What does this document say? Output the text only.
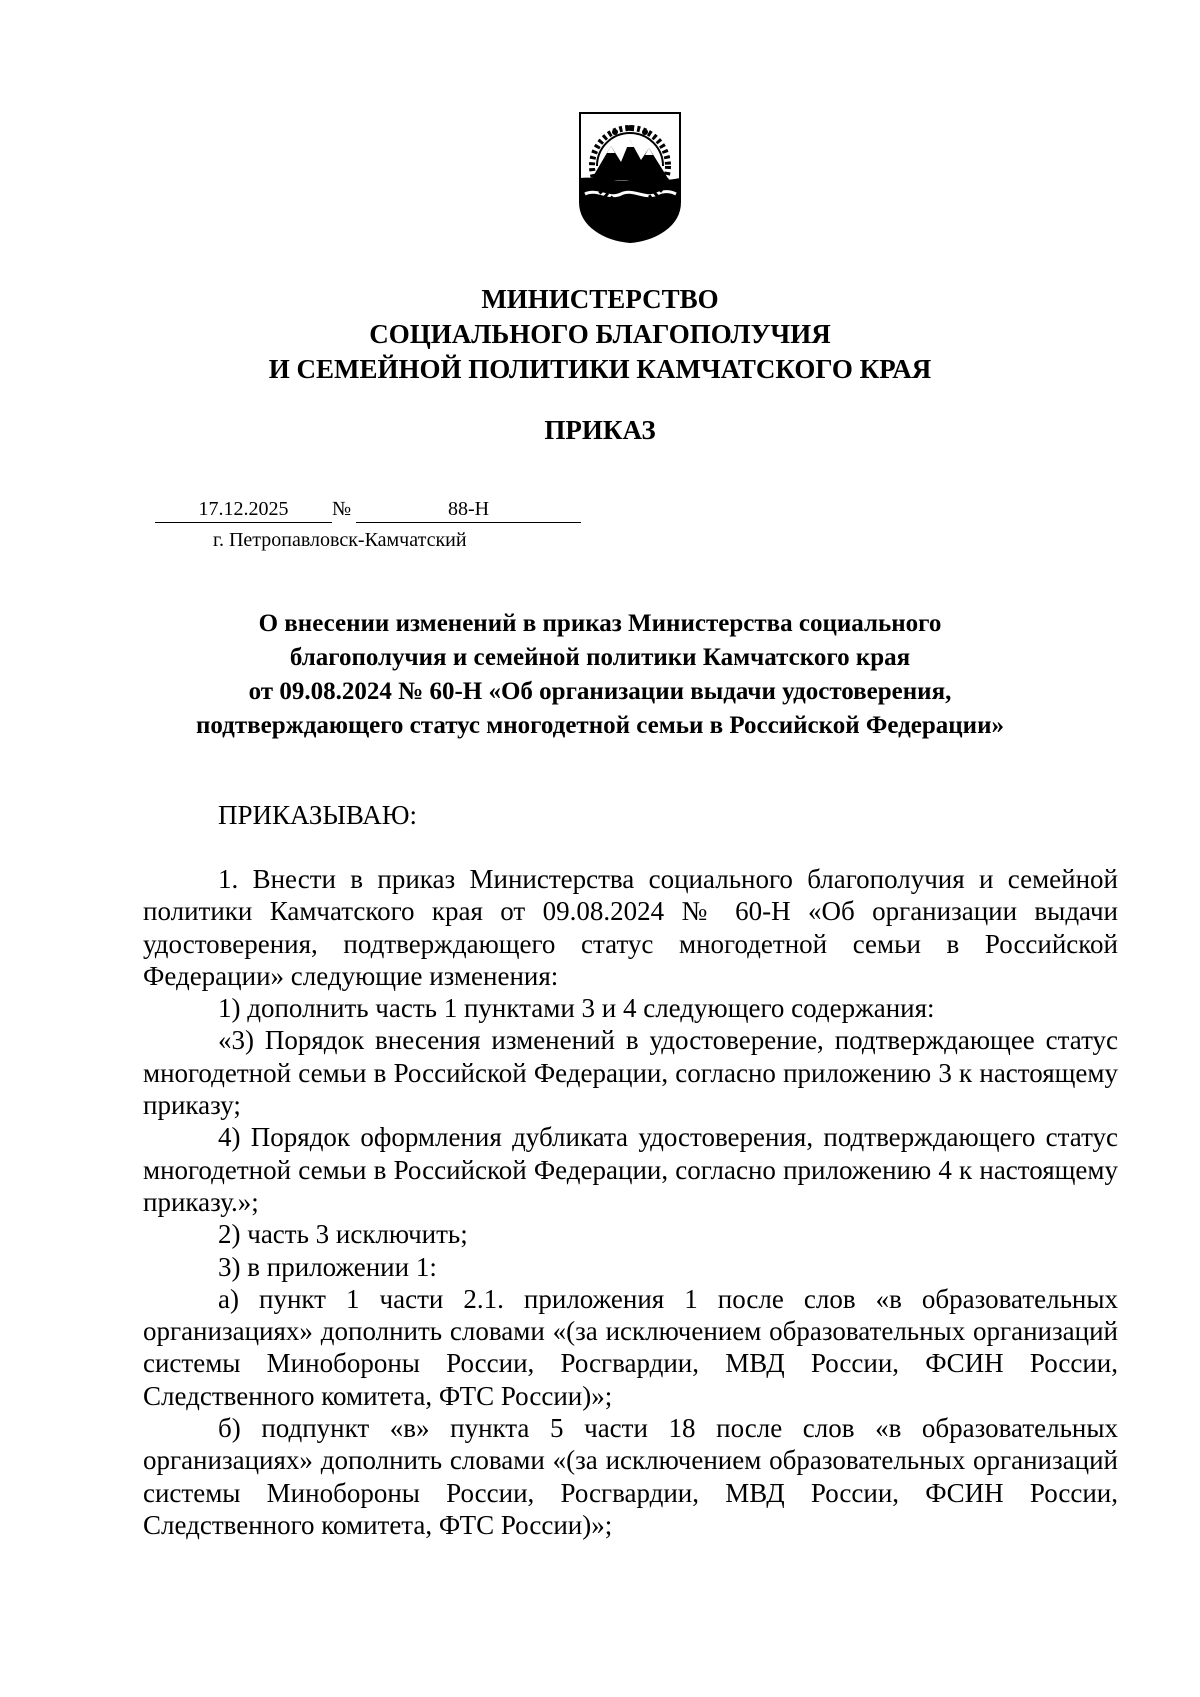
МИНИСТЕРСТВО
СОЦИАЛЬНОГО БЛАГОПОЛУЧИЯ
И СЕМЕЙНОЙ ПОЛИТИКИ КАМЧАТСКОГО КРАЯ
ПРИКАЗ
17.12.2025	№	88-Н
г. Петропавловск-Камчатский
О внесении изменений в приказ Министерства социального
благополучия и семейной политики Камчатского края
от 09.08.2024 № 60-Н «Об организации выдачи удостоверения,
подтверждающего статус многодетной семьи в Российской Федерации»
ПРИКАЗЫВАЮ:

1. Внести в приказ Министерства социального благополучия и семейной политики Камчатского края от 09.08.2024 № 60-Н «Об организации выдачи удостоверения, подтверждающего статус многодетной семьи в Российской Федерации» следующие изменения:

1) дополнить часть 1 пунктами 3 и 4 следующего содержания:

«3) Порядок внесения изменений в удостоверение, подтверждающее статус многодетной семьи в Российской Федерации, согласно приложению 3 к настоящему приказу;

4) Порядок оформления дубликата удостоверения, подтверждающего статус многодетной семьи в Российской Федерации, согласно приложению 4 к настоящему приказу.»;

2) часть 3 исключить;

3) в приложении 1:

а) пункт 1 части 2.1. приложения 1 после слов «в образовательных организациях» дополнить словами «(за исключением образовательных организаций системы Минобороны России, Росгвардии, МВД России, ФСИН России, Следственного комитета, ФТС России)»;

б) подпункт «в» пункта 5 части 18 после слов «в образовательных организациях» дополнить словами «(за исключением образовательных организаций системы Минобороны России, Росгвардии, МВД России, ФСИН России, Следственного комитета, ФТС России)»;
